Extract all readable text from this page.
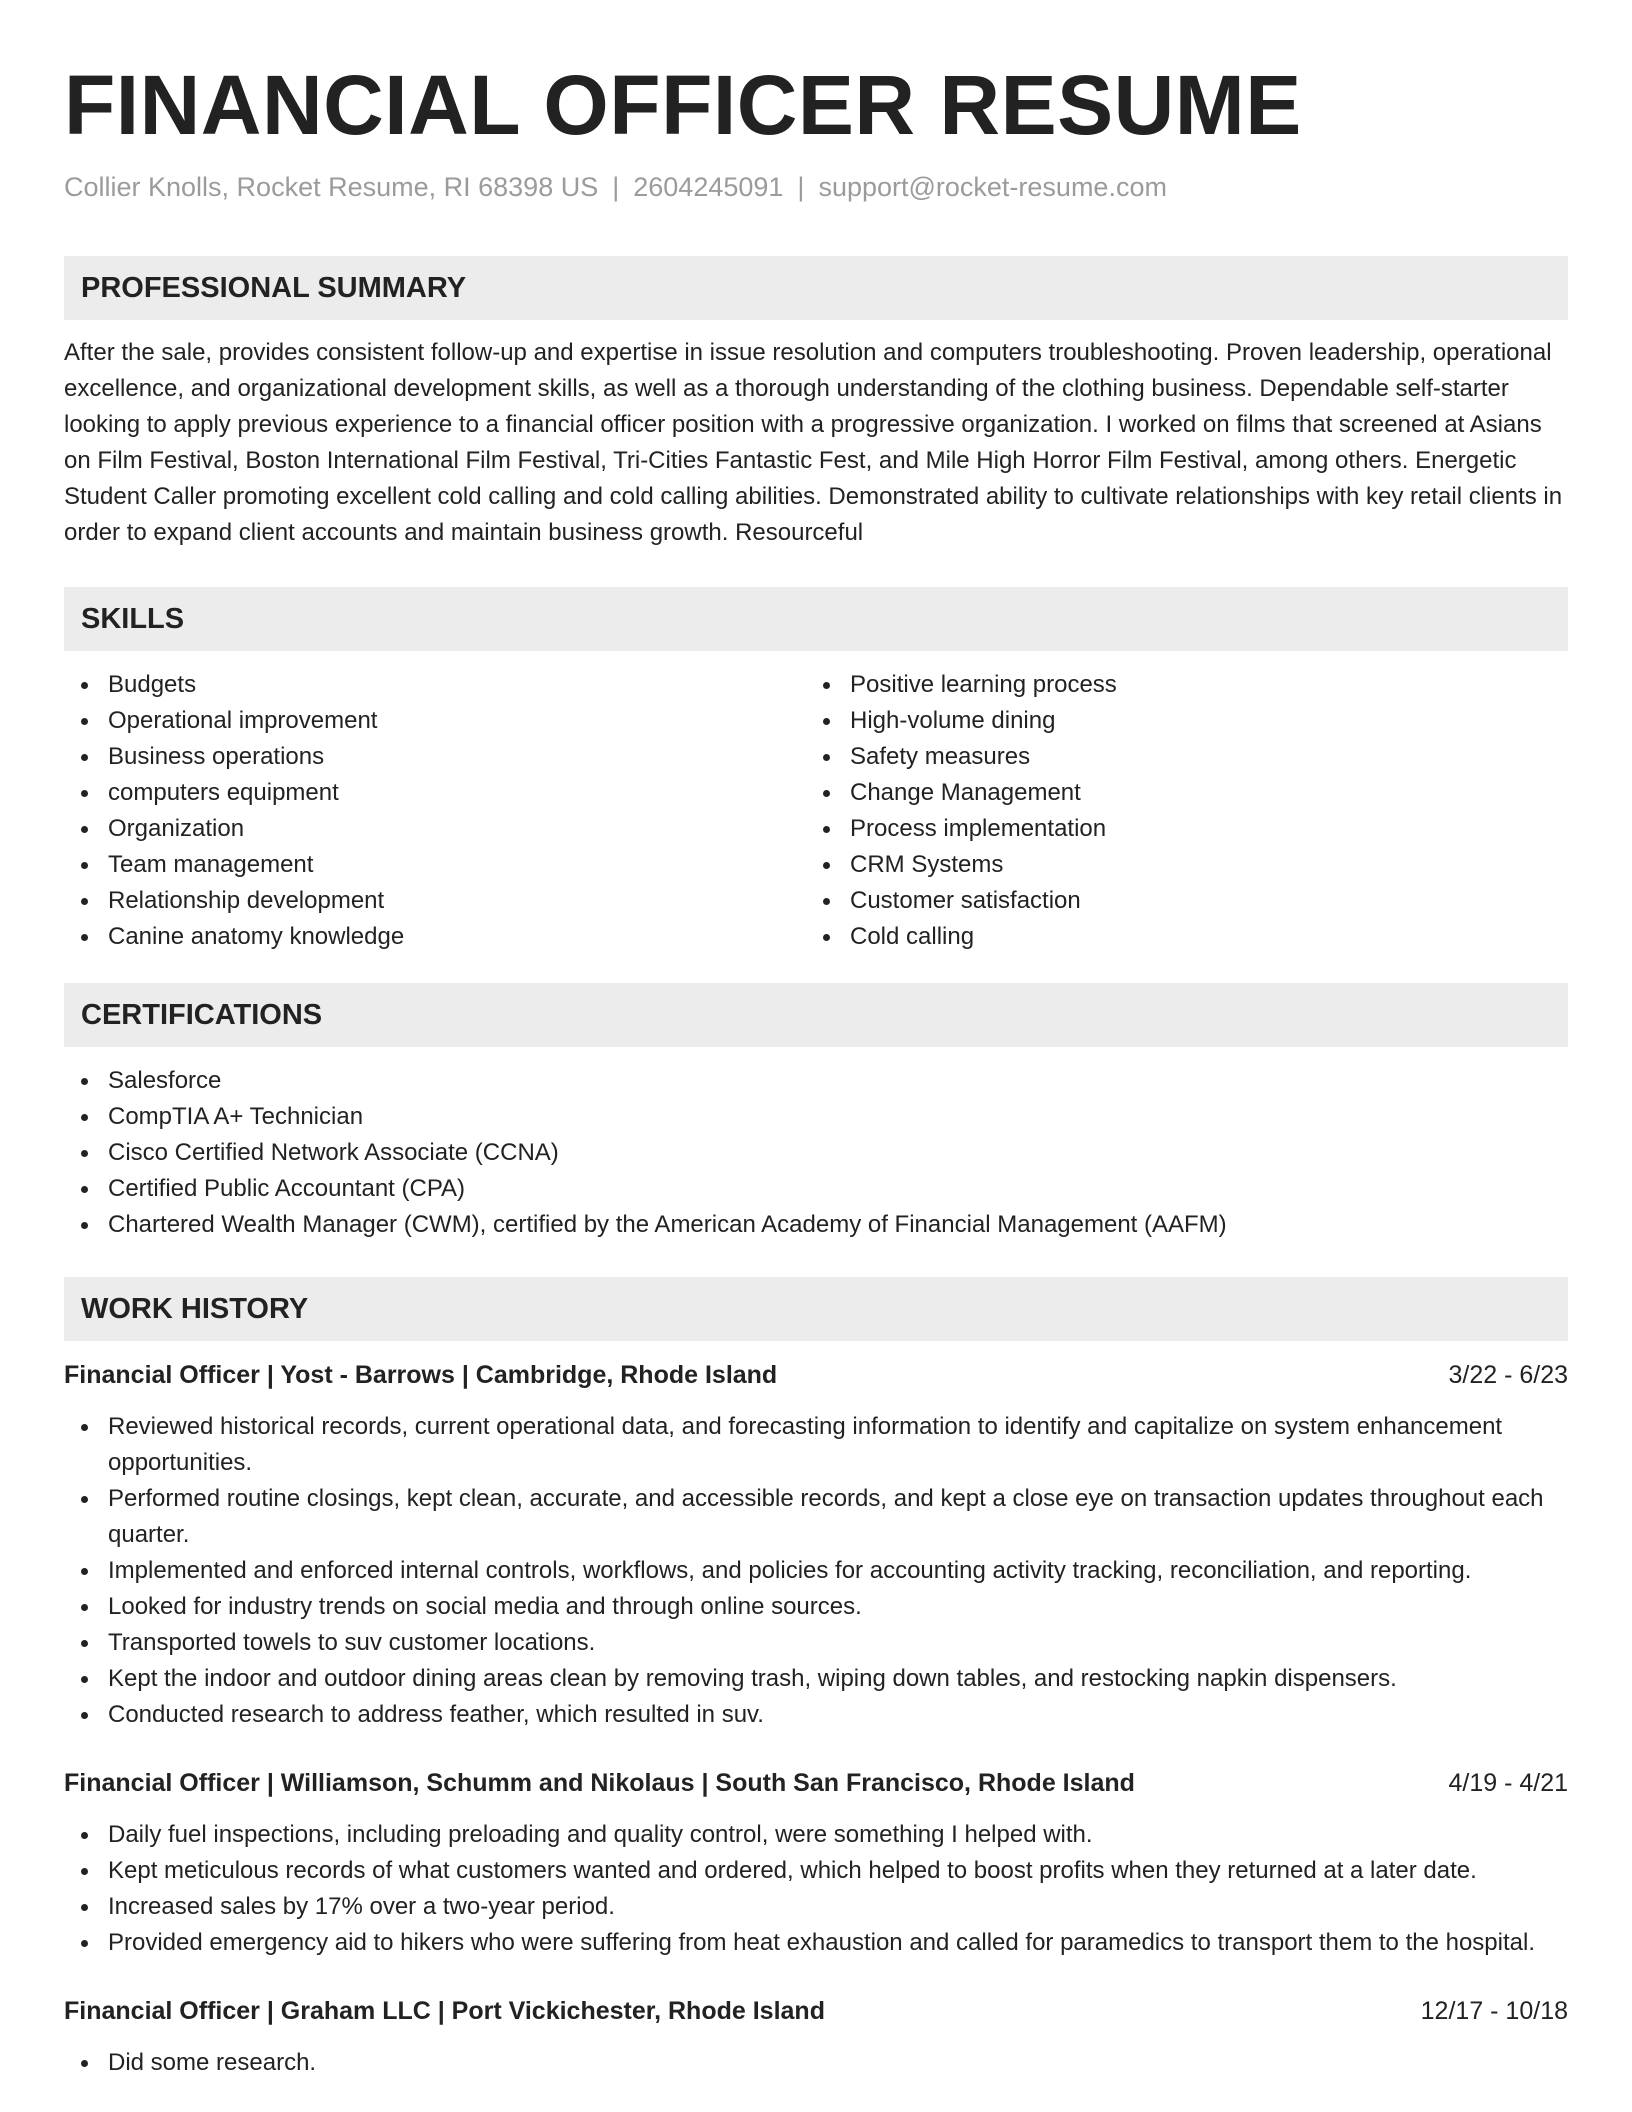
FINANCIAL OFFICER RESUME
Collier Knolls, Rocket Resume, RI 68398 US | 2604245091 | support@rocket-resume.com
PROFESSIONAL SUMMARY
After the sale, provides consistent follow-up and expertise in issue resolution and computers troubleshooting. Proven leadership, operational excellence, and organizational development skills, as well as a thorough understanding of the clothing business. Dependable self-starter looking to apply previous experience to a financial officer position with a progressive organization. I worked on films that screened at Asians on Film Festival, Boston International Film Festival, Tri-Cities Fantastic Fest, and Mile High Horror Film Festival, among others. Energetic Student Caller promoting excellent cold calling and cold calling abilities. Demonstrated ability to cultivate relationships with key retail clients in order to expand client accounts and maintain business growth. Resourceful
SKILLS
Budgets
Operational improvement
Business operations
computers equipment
Organization
Team management
Relationship development
Canine anatomy knowledge
Positive learning process
High-volume dining
Safety measures
Change Management
Process implementation
CRM Systems
Customer satisfaction
Cold calling
CERTIFICATIONS
Salesforce
CompTIA A+ Technician
Cisco Certified Network Associate (CCNA)
Certified Public Accountant (CPA)
Chartered Wealth Manager (CWM), certified by the American Academy of Financial Management (AAFM)
WORK HISTORY
Financial Officer | Yost - Barrows | Cambridge, Rhode Island	3/22 - 6/23
Reviewed historical records, current operational data, and forecasting information to identify and capitalize on system enhancement opportunities.
Performed routine closings, kept clean, accurate, and accessible records, and kept a close eye on transaction updates throughout each quarter.
Implemented and enforced internal controls, workflows, and policies for accounting activity tracking, reconciliation, and reporting.
Looked for industry trends on social media and through online sources.
Transported towels to suv customer locations.
Kept the indoor and outdoor dining areas clean by removing trash, wiping down tables, and restocking napkin dispensers.
Conducted research to address feather, which resulted in suv.
Financial Officer | Williamson, Schumm and Nikolaus | South San Francisco, Rhode Island	4/19 - 4/21
Daily fuel inspections, including preloading and quality control, were something I helped with.
Kept meticulous records of what customers wanted and ordered, which helped to boost profits when they returned at a later date.
Increased sales by 17% over a two-year period.
Provided emergency aid to hikers who were suffering from heat exhaustion and called for paramedics to transport them to the hospital.
Financial Officer | Graham LLC | Port Vickichester, Rhode Island	12/17 - 10/18
Did some research.
